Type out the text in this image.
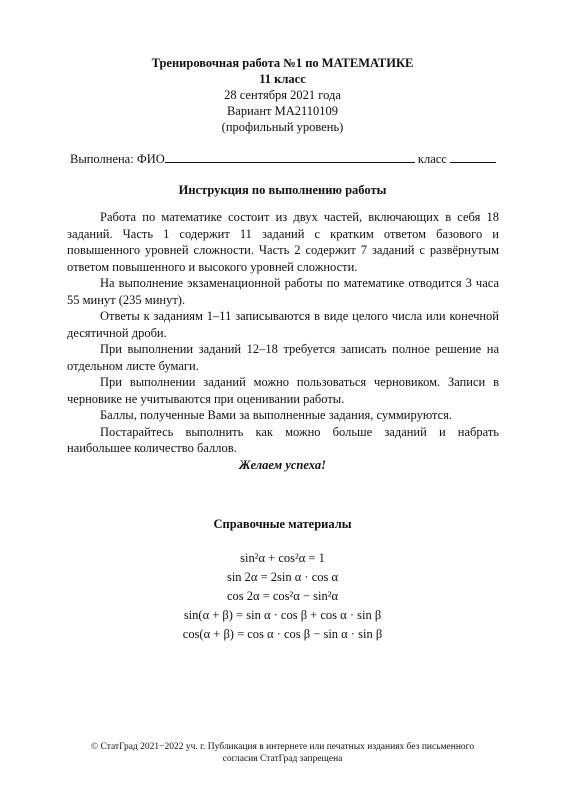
Тренировочная работа №1 по МАТЕМАТИКЕ
11 класс
28 сентября 2021 года
Вариант МА2110109
(профильный уровень)
Выполнена: ФИО	класс
Инструкция по выполнению работы

Работа по математике состоит из двух частей, включающих в себя 18 заданий. Часть 1 содержит 11 заданий с кратким ответом базового и повышенного уровней сложности. Часть 2 содержит 7 заданий с развёрнутым ответом повышенного и высокого уровней сложности.

На выполнение экзаменационной работы по математике отводится 3 часа 55 минут (235 минут).

Ответы к заданиям 1–11 записываются в виде целого числа или конечной десятичной дроби.

При выполнении заданий 12–18 требуется записать полное решение на отдельном листе бумаги.

При выполнении заданий можно пользоваться черновиком. Записи в черновике не учитываются при оценивании работы.

Баллы, полученные Вами за выполненные задания, суммируются.

Постарайтесь выполнить как можно больше заданий и набрать наибольшее количество баллов.

Желаем успеха!
Справочные материалы
sin²α + cos²α = 1
sin 2α = 2sin α · cos α
cos 2α = cos²α − sin²α
sin(α + β) = sin α · cos β + cos α · sin β
cos(α + β) = cos α · cos β − sin α · sin β
© СтатГрад 2021−2022 уч. г. Публикация в интернете или печатных изданиях без письменного
согласия СтатГрад запрещена
